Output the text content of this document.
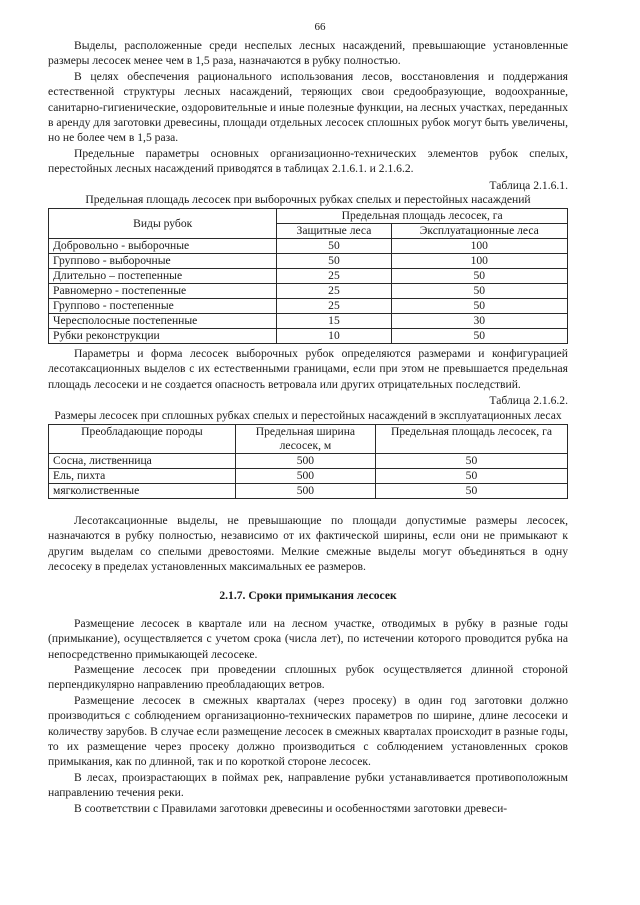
66

Выделы, расположенные среди неспелых лесных насаждений, превышающие установленные размеры лесосек менее чем в 1,5 раза, назначаются в рубку полностью.

В целях обеспечения рационального использования лесов, восстановления и поддержания естественной структуры лесных насаждений, теряющих свои средообразующие, водоохранные, санитарно-гигиенические, оздоровительные и иные полезные функции, на лесных участках, переданных в аренду для заготовки древесины, площади отдельных лесосек сплошных рубок могут быть увеличены, но не более чем в 1,5 раза.

Предельные параметры основных организационно-технических элементов рубок спелых, перестойных лесных насаждений приводятся в таблицах 2.1.6.1. и 2.1.6.2.

Таблица 2.1.6.1.
Предельная площадь лесосек при выборочных рубках спелых и перестойных насаждений
Виды рубок	Предельная площадь лесосек, га	
	Защитные леса	Эксплуатационные леса
Добровольно - выборочные	50	100
Группово - выборочные	50	100
Длительно – постепенные	25	50
Равномерно - постепенные	25	50
Группово - постепенные	25	50
Чересполосные постепенные	15	30
Рубки реконструкции	10	50

Параметры и форма лесосек выборочных рубок определяются размерами и конфигурацией лесотаксационных выделов с их естественными границами, если при этом не превышается предельная площадь лесосеки и не создается опасность ветровала или других отрицательных последствий.

Таблица 2.1.6.2.
Размеры лесосек при сплошных рубках спелых и перестойных насаждений в эксплуатационных лесах
Преобладающие породы	Предельная ширина лесосек, м	Предельная площадь лесосек, га
Сосна, лиственница	500	50
Ель, пихта	500	50
мягколиственные	500	50

Лесотаксационные выделы, не превышающие по площади допустимые размеры лесосек, назначаются в рубку полностью, независимо от их фактической ширины, если они не примыкают к другим выделам со спелыми древостоями. Мелкие смежные выделы могут объединяться в одну лесосеку в пределах установленных максимальных ее размеров.

2.1.7. Сроки примыкания лесосек

Размещение лесосек в квартале или на лесном участке, отводимых в рубку в разные годы (примыкание), осуществляется с учетом срока (числа лет), по истечении которого проводится рубка на непосредственно примыкающей лесосеке.

Размещение лесосек при проведении сплошных рубок осуществляется длинной стороной перпендикулярно направлению преобладающих ветров.

Размещение лесосек в смежных кварталах (через просеку) в один год заготовки должно производиться с соблюдением организационно-технических параметров по ширине, длине лесосеки и количеству зарубов. В случае если размещение лесосек в смежных кварталах происходит в разные годы, то их размещение через просеку должно производиться с соблюдением установленных сроков примыкания, как по длинной, так и по короткой стороне лесосек.

В лесах, произрастающих в поймах рек, направление рубки устанавливается противоположным направлению течения реки.

В соответствии с Правилами заготовки древесины и особенностями заготовки древеси-
